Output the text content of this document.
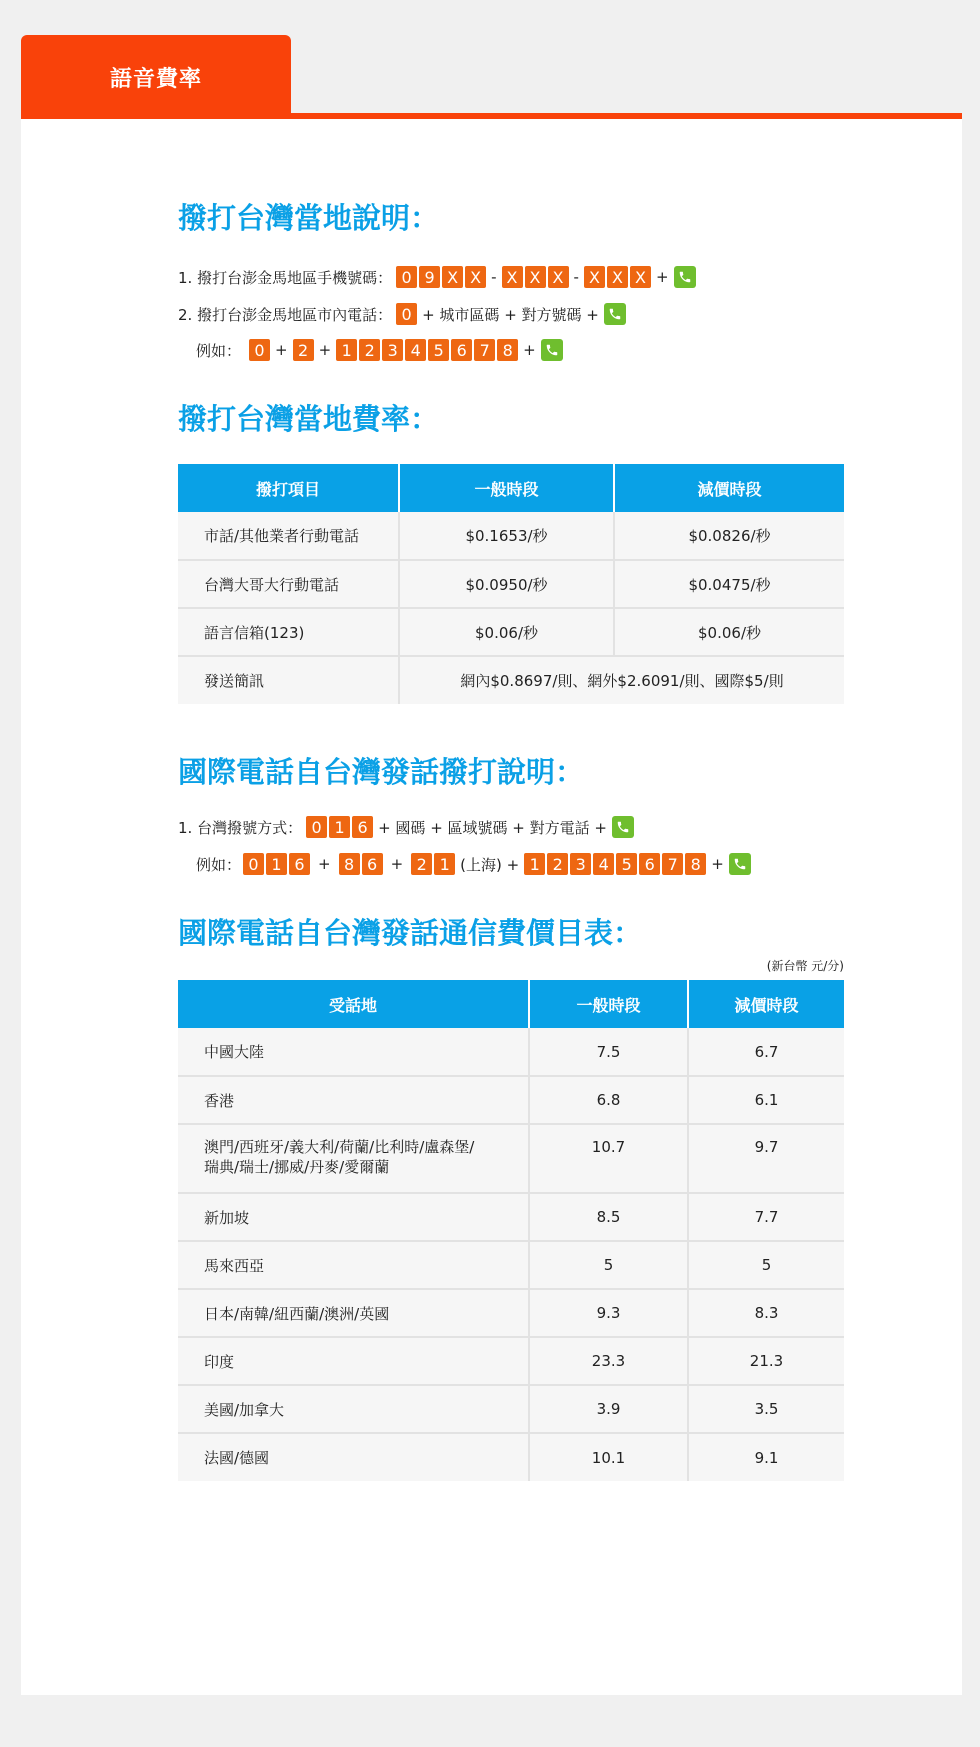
語音費率
撥打台灣當地說明：
1. 撥打台澎金馬地區手機號碼： 0 9 X X - X X X - X X X +
2. 撥打台澎金馬地區市內電話： 0 + 城市區碼 + 對方號碼 +
例如： 0 + 2 + 1 2 3 4 5 6 7 8 +
撥打台灣當地費率：
撥打項目	一般時段	減價時段
市話/其他業者行動電話	$0.1653/秒	$0.0826/秒
台灣大哥大行動電話	$0.0950/秒	$0.0475/秒
語言信箱(123)	$0.06/秒	$0.06/秒
發送簡訊	網內$0.8697/則、網外$2.6091/則、國際$5/則	
國際電話自台灣發話撥打說明：
1. 台灣撥號方式： 0 1 6 + 國碼 + 區域號碼 + 對方電話 +
例如： 0 1 6 + 8 6 + 2 1 (上海) + 1 2 3 4 5 6 7 8 +
國際電話自台灣發話通信費價目表：
(新台幣 元/分)
受話地	一般時段	減價時段
中國大陸	7.5	6.7
香港	6.8	6.1
澳門/西班牙/義大利/荷蘭/比利時/盧森堡/
瑞典/瑞士/挪威/丹麥/愛爾蘭	10.7	9.7
新加坡	8.5	7.7
馬來西亞	5	5
日本/南韓/紐西蘭/澳洲/英國	9.3	8.3
印度	23.3	21.3
美國/加拿大	3.9	3.5
法國/德國	10.1	9.1
